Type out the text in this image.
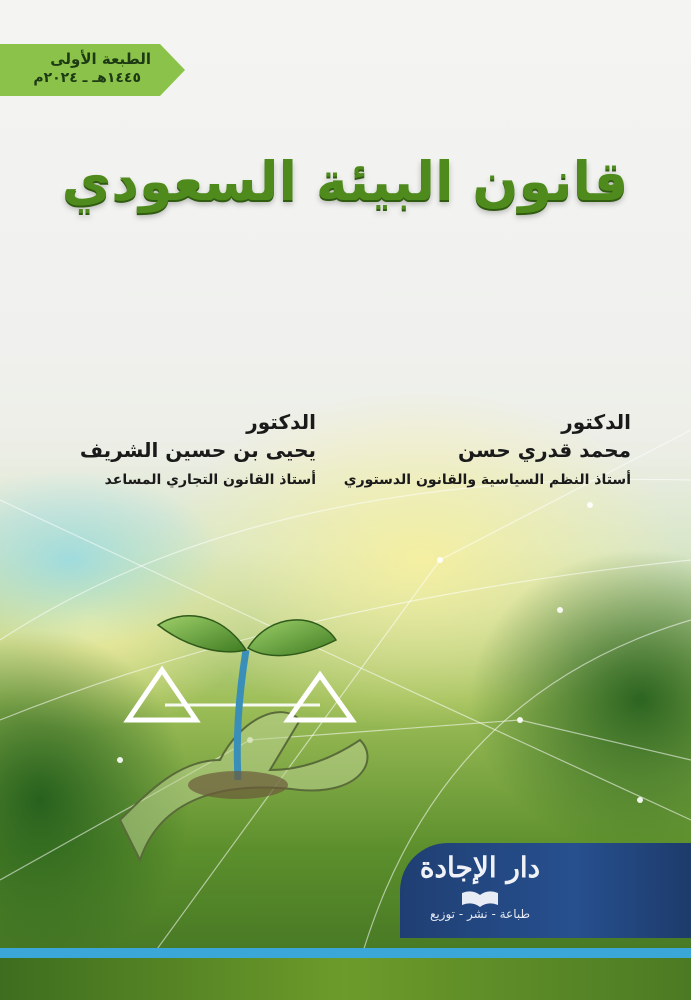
الطبعة الأولى
١٤٤٥هـ ـ ٢٠٢٤م
قانون البيئة السعودي
الدكتور
محمد قدري حسن
أستاذ النظم السياسية والقانون الدستوري
الدكتور
يحيى بن حسين الشريف
أستاذ القانون التجاري المساعد
دار الإجادة
طباعة - نشر - توزيع
